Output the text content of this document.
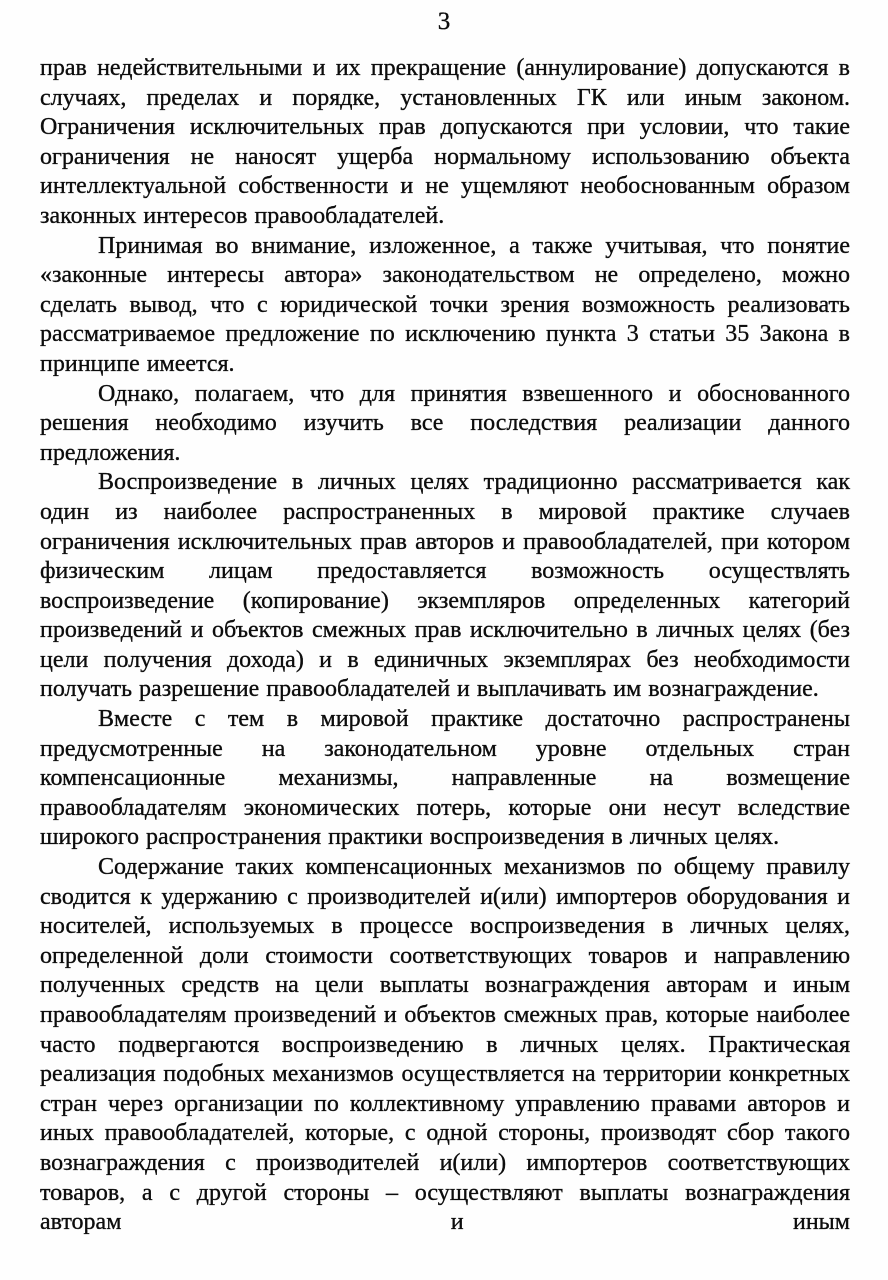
3

прав недействительными и их прекращение (аннулирование) допускаются в случаях, пределах и порядке, установленных ГК или иным законом. Ограничения исключительных прав допускаются при условии, что такие ограничения не наносят ущерба нормальному использованию объекта интеллектуальной собственности и не ущемляют необоснованным образом законных интересов правообладателей.

Принимая во внимание, изложенное, а также учитывая, что понятие «законные интересы автора» законодательством не определено, можно сделать вывод, что с юридической точки зрения возможность реализовать рассматриваемое предложение по исключению пункта 3 статьи 35 Закона в принципе имеется.

Однако, полагаем, что для принятия взвешенного и обоснованного решения необходимо изучить все последствия реализации данного предложения.

Воспроизведение в личных целях традиционно рассматривается как один из наиболее распространенных в мировой практике случаев ограничения исключительных прав авторов и правообладателей, при котором физическим лицам предоставляется возможность осуществлять воспроизведение (копирование) экземпляров определенных категорий произведений и объектов смежных прав исключительно в личных целях (без цели получения дохода) и в единичных экземплярах без необходимости получать разрешение правообладателей и выплачивать им вознаграждение.

Вместе с тем в мировой практике достаточно распространены предусмотренные на законодательном уровне отдельных стран компенсационные механизмы, направленные на возмещение правообладателям экономических потерь, которые они несут вследствие широкого распространения практики воспроизведения в личных целях.

Содержание таких компенсационных механизмов по общему правилу сводится к удержанию с производителей и(или) импортеров оборудования и носителей, используемых в процессе воспроизведения в личных целях, определенной доли стоимости соответствующих товаров и направлению полученных средств на цели выплаты вознаграждения авторам и иным правообладателям произведений и объектов смежных прав, которые наиболее часто подвергаются воспроизведению в личных целях. Практическая реализация подобных механизмов осуществляется на территории конкретных стран через организации по коллективному управлению правами авторов и иных правообладателей, которые, с одной стороны, производят сбор такого вознаграждения с производителей и(или) импортеров соответствующих товаров, а с другой стороны – осуществляют выплаты вознаграждения авторам и иным
